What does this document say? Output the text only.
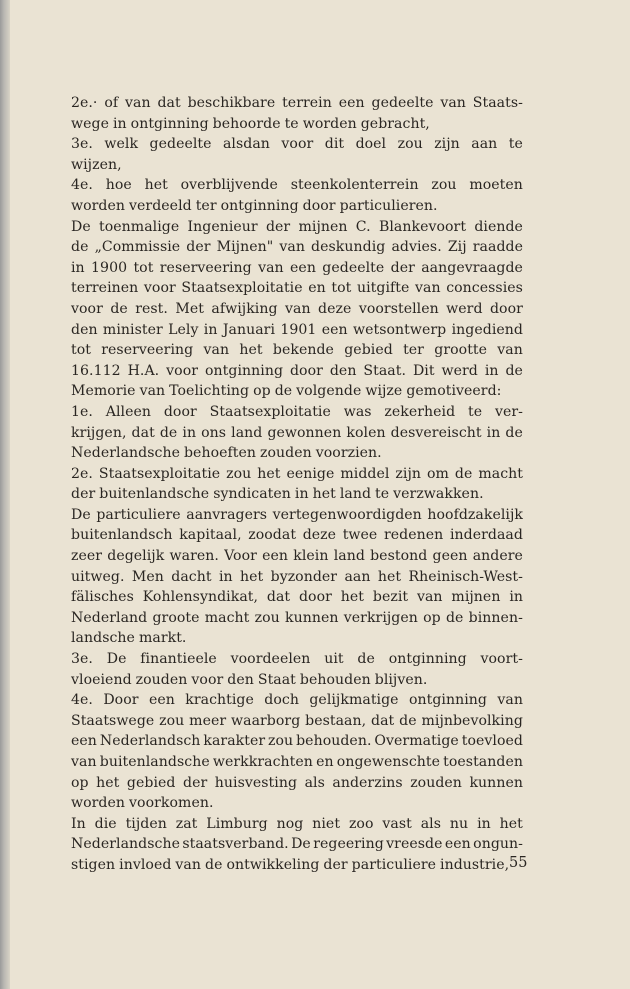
2e.· of van dat beschikbare terrein een gedeelte van Staats-
wege in ontginning behoorde te worden gebracht,
3e. welk gedeelte alsdan voor dit doel zou zijn aan te
wijzen,
4e. hoe het overblijvende steenkolenterrein zou moeten
worden verdeeld ter ontginning door particulieren.
De toenmalige Ingenieur der mijnen C. Blankevoort diende
de „Commissie der Mijnen" van deskundig advies. Zij raadde
in 1900 tot reserveering van een gedeelte der aangevraagde
terreinen voor Staatsexploitatie en tot uitgifte van concessies
voor de rest. Met afwijking van deze voorstellen werd door
den minister Lely in Januari 1901 een wetsontwerp ingediend
tot reserveering van het bekende gebied ter grootte van
16.112 H.A. voor ontginning door den Staat. Dit werd in de
Memorie van Toelichting op de volgende wijze gemotiveerd:
1e. Alleen door Staatsexploitatie was zekerheid te ver-
krijgen, dat de in ons land gewonnen kolen desvereischt in de
Nederlandsche behoeften zouden voorzien.
2e. Staatsexploitatie zou het eenige middel zijn om de macht
der buitenlandsche syndicaten in het land te verzwakken.
De particuliere aanvragers vertegenwoordigden hoofdzakelijk
buitenlandsch kapitaal, zoodat deze twee redenen inderdaad
zeer degelijk waren. Voor een klein land bestond geen andere
uitweg. Men dacht in het byzonder aan het Rheinisch-West-
fälisches Kohlensyndikat, dat door het bezit van mijnen in
Nederland groote macht zou kunnen verkrijgen op de binnen-
landsche markt.
3e. De finantieele voordeelen uit de ontginning voort-
vloeiend zouden voor den Staat behouden blijven.
4e. Door een krachtige doch gelijkmatige ontginning van
Staatswege zou meer waarborg bestaan, dat de mijnbevolking
een Nederlandsch karakter zou behouden. Overmatige toevloed
van buitenlandsche werkkrachten en ongewenschte toestanden
op het gebied der huisvesting als anderzins zouden kunnen
worden voorkomen.
In die tijden zat Limburg nog niet zoo vast als nu in het
Nederlandsche staatsverband. De regeering vreesde een ongun-
stigen invloed van de ontwikkeling der particuliere industrie, 55
